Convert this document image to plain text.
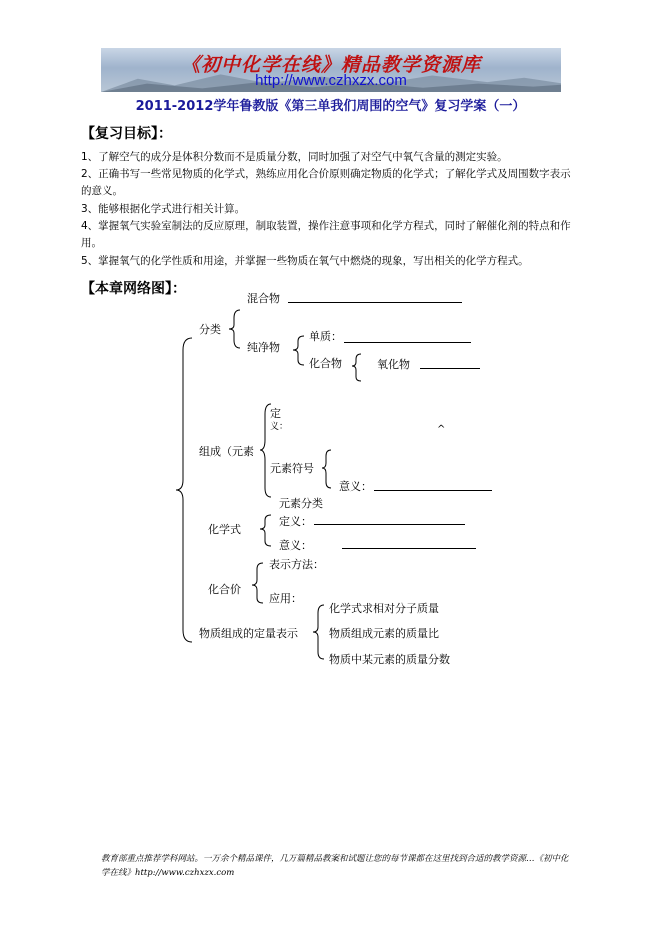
《初中化学在线》精品教学资源库
http://www.czhxzx.com
2011-2012学年鲁教版《第三单我们周围的空气》复习学案（一）
【复习目标】：
1、了解空气的成分是体积分数而不是质量分数，同时加强了对空气中氧气含量的测定实验。
2、正确书写一些常见物质的化学式，熟练应用化合价原则确定物质的化学式；了解化学式及周围数字表示的意义。
3、能够根据化学式进行相关计算。
4、掌握氧气实验室制法的反应原理，制取装置，操作注意事项和化学方程式，同时了解催化剂的特点和作用。
5、掌握氧气的化学性质和用途，并掌握一些物质在氧气中燃烧的现象，写出相关的化学方程式。
【本章网络图】：
混合物
分类
纯净物
单质：
化合物	氧化物
定
义：	^
组成（元素
元素符号
意义：
元素分类
化学式
定义：
意义：
表示方法：
化合价
应用：
物质组成的定量表示
化学式求相对分子质量
物质组成元素的质量比
物质中某元素的质量分数
教育部重点推荐学科网站。一万余个精品课件，几万篇精品教案和试题让您的每节课都在这里找到合适的教学资源…《初中化学在线》http://www.czhxzx.com
